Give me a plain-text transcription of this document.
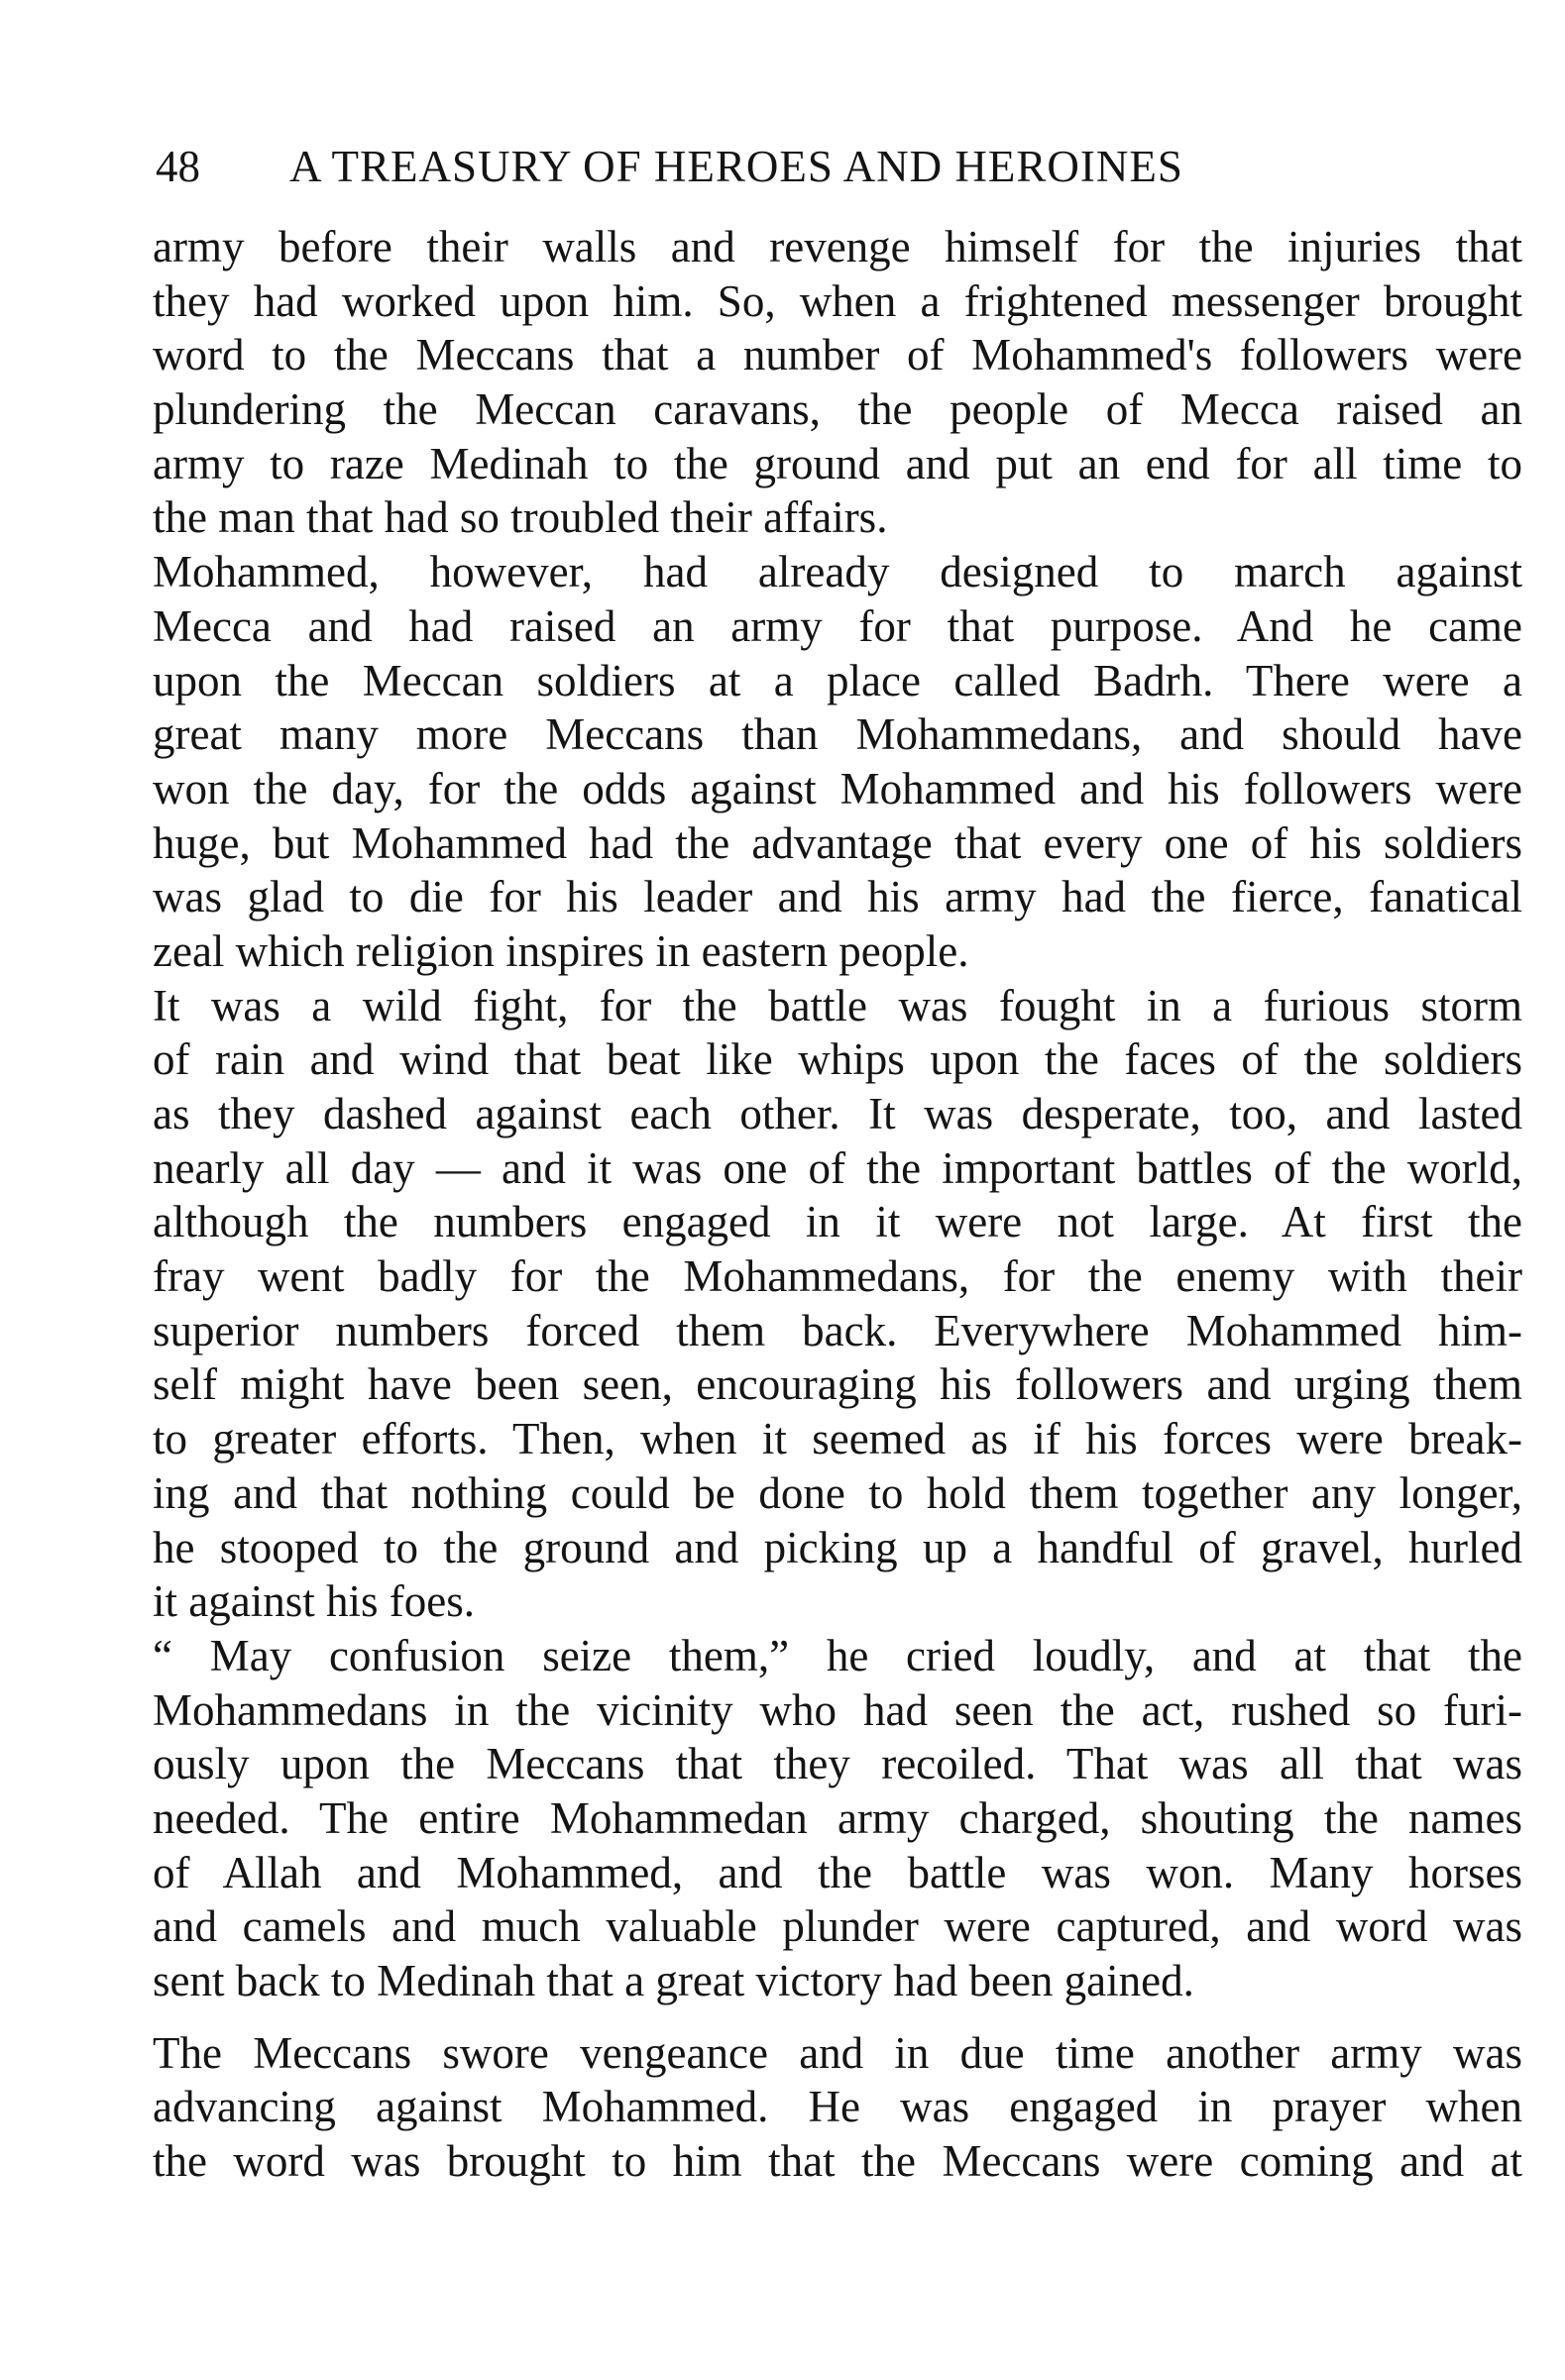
48 A TREASURY OF HEROES AND HEROINES
army before their walls and revenge himself for the injuries that
they had worked upon him. So, when a frightened messenger brought
word to the Meccans that a number of Mohammed's followers were
plundering the Meccan caravans, the people of Mecca raised an
army to raze Medinah to the ground and put an end for all time to
the man that had so troubled their affairs.
Mohammed, however, had already designed to march against
Mecca and had raised an army for that purpose. And he came
upon the Meccan soldiers at a place called Badrh. There were a
great many more Meccans than Mohammedans, and should have
won the day, for the odds against Mohammed and his followers were
huge, but Mohammed had the advantage that every one of his soldiers
was glad to die for his leader and his army had the fierce, fanatical
zeal which religion inspires in eastern people.
It was a wild fight, for the battle was fought in a furious storm
of rain and wind that beat like whips upon the faces of the soldiers
as they dashed against each other. It was desperate, too, and lasted
nearly all day — and it was one of the important battles of the world,
although the numbers engaged in it were not large. At first the
fray went badly for the Mohammedans, for the enemy with their
superior numbers forced them back. Everywhere Mohammed him-
self might have been seen, encouraging his followers and urging them
to greater efforts. Then, when it seemed as if his forces were break-
ing and that nothing could be done to hold them together any longer,
he stooped to the ground and picking up a handful of gravel, hurled
it against his foes.
“ May confusion seize them,” he cried loudly, and at that the
Mohammedans in the vicinity who had seen the act, rushed so furi-
ously upon the Meccans that they recoiled. That was all that was
needed. The entire Mohammedan army charged, shouting the names
of Allah and Mohammed, and the battle was won. Many horses
and camels and much valuable plunder were captured, and word was
sent back to Medinah that a great victory had been gained.
The Meccans swore vengeance and in due time another army was
advancing against Mohammed. He was engaged in prayer when
the word was brought to him that the Meccans were coming and at
